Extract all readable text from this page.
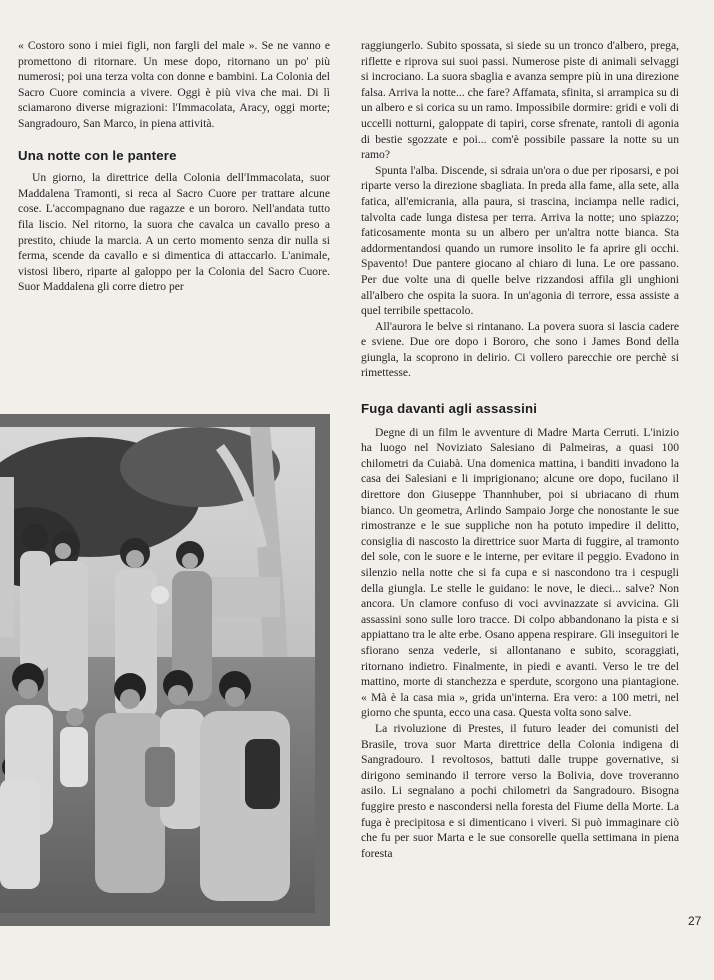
« Costoro sono i miei figli, non fargli del male ». Se ne vanno e promettono di ritornare. Un mese dopo, ritornano un po' più numerosi; poi una terza volta con donne e bambini. La Colonia del Sacro Cuore comincia a vivere. Oggi è più viva che mai. Di lì sciamarono diverse migrazioni: l'Immacolata, Aracy, oggi morte; Sangradouro, San Marco, in piena attività.

Una notte con le pantere

Un giorno, la direttrice della Colonia dell'Immacolata, suor Maddalena Tramonti, si reca al Sacro Cuore per trattare alcune cose. L'accompagnano due ragazze e un bororo. Nell'andata tutto fila liscio. Nel ritorno, la suora che cavalca un cavallo preso a prestito, chiude la marcia. A un certo momento senza dir nulla si ferma, scende da cavallo e si dimentica di attaccarlo. L'animale, vistosi libero, riparte al galoppo per la Colonia del Sacro Cuore. Suor Maddalena gli corre dietro per

raggiungerlo. Subito spossata, si siede su un tronco d'albero, prega, riflette e riprova sui suoi passi. Numerose piste di animali selvaggi si incrociano. La suora sbaglia e avanza sempre più in una direzione falsa. Arriva la notte... che fare? Affamata, sfinita, si arrampica su di un albero e si corica su un ramo. Impossibile dormire: gridi e voli di uccelli notturni, galoppate di tapiri, corse sfrenate, rantoli di agonia di bestie sgozzate e poi... com'è possibile passare la notte su un ramo?

Spunta l'alba. Discende, si sdraia un'ora o due per riposarsi, e poi riparte verso la direzione sbagliata. In preda alla fame, alla sete, alla fatica, all'emicrania, alla paura, si trascina, inciampa nelle radici, talvolta cade lunga distesa per terra. Arriva la notte; uno spiazzo; faticosamente monta su un albero per un'altra notte bianca. Sta addormentandosi quando un rumore insolito le fa aprire gli occhi. Spavento! Due pantere giocano al chiaro di luna. Le ore passano. Per due volte una di quelle belve rizzandosi affila gli unghioni all'albero che ospita la suora. In un'agonia di terrore, essa assiste a quel terribile spettacolo.

All'aurora le belve si rintanano. La povera suora si lascia cadere e sviene. Due ore dopo i Bororo, che sono i James Bond della giungla, la scoprono in delirio. Ci vollero parecchie ore perchè si rimettesse.

Fuga davanti agli assassini

Degne di un film le avventure di Madre Marta Cerruti. L'inizio ha luogo nel Noviziato Salesiano di Palmeiras, a quasi 100 chilometri da Cuiabà. Una domenica mattina, i banditi invadono la casa dei Salesiani e li imprigionano; alcune ore dopo, fucilano il direttore don Giuseppe Thannhuber, poi si ubriacano di rhum bianco. Un geometra, Arlindo Sampaio Jorge che nonostante le sue rimostranze e le sue suppliche non ha potuto impedire il delitto, consiglia di nascosto la direttrice suor Marta di fuggire, al tramonto del sole, con le suore e le interne, per evitare il peggio. Evadono in silenzio nella notte che si fa cupa e si nascondono tra i cespugli della giungla. Le stelle le guidano: le nove, le dieci... salve? Non ancora. Un clamore confuso di voci avvinazzate si avvicina. Gli assassini sono sulle loro tracce. Di colpo abbandonano la pista e si appiattano tra le alte erbe. Osano appena respirare. Gli inseguitori le sfiorano senza vederle, si allontanano e subito, scoraggiati, ritornano indietro. Finalmente, in piedi e avanti. Verso le tre del mattino, morte di stanchezza e sperdute, scorgono una piantagione. « Mà è la casa mia », grida un'interna. Era vero: a 100 metri, nel giorno che spunta, ecco una casa. Questa volta sono salve.

La rivoluzione di Prestes, il futuro leader dei comunisti del Brasile, trova suor Marta direttrice della Colonia indigena di Sangradouro. I revoltosos, battuti dalle truppe governative, si dirigono seminando il terrore verso la Bolivia, dove troveranno asilo. Li segnalano a pochi chilometri da Sangradouro. Bisogna fuggire presto e nascondersi nella foresta del Fiume della Morte. La fuga è precipitosa e si dimenticano i viveri. Si può immaginare ciò che fu per suor Marta e le sue consorelle quella settimana in piena foresta

27
